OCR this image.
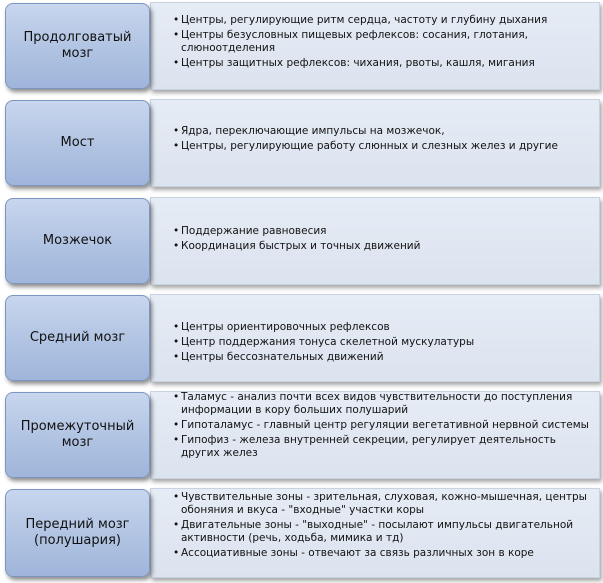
Продолговатый мозг
• Центры, регулирующие ритм сердца, частоту и глубину дыхания
• Центры безусловных пищевых рефлексов: сосания, глотания, слюноотделения
• Центры защитных рефлексов: чихания, рвоты, кашля, мигания
Мост
• Ядра, переключающие импульсы на мозжечок,
• Центры, регулирующие работу слюнных и слезных желез и другие
Мозжечок
• Поддержание равновесия
• Координация быстрых и точных движений
Средний мозг
• Центры ориентировочных рефлексов
• Центр поддержания тонуса скелетной мускулатуры
• Центры бессознательных движений
Промежуточный мозг
• Таламус - анализ почти всех видов чувствительности до поступления информации в кору больших полушарий
• Гипоталамус - главный центр регуляции вегетативной нервной системы
• Гипофиз - железа внутренней секреции, регулирует деятельность других желез
Передний мозг (полушария)
• Чувствительные зоны - зрительная, слуховая, кожно-мышечная, центры обоняния и вкуса - "входные" участки коры
• Двигательные зоны - "выходные" - посылают импульсы двигательной активности (речь, ходьба, мимика и тд)
• Ассоциативные зоны - отвечают за связь различных зон в коре
